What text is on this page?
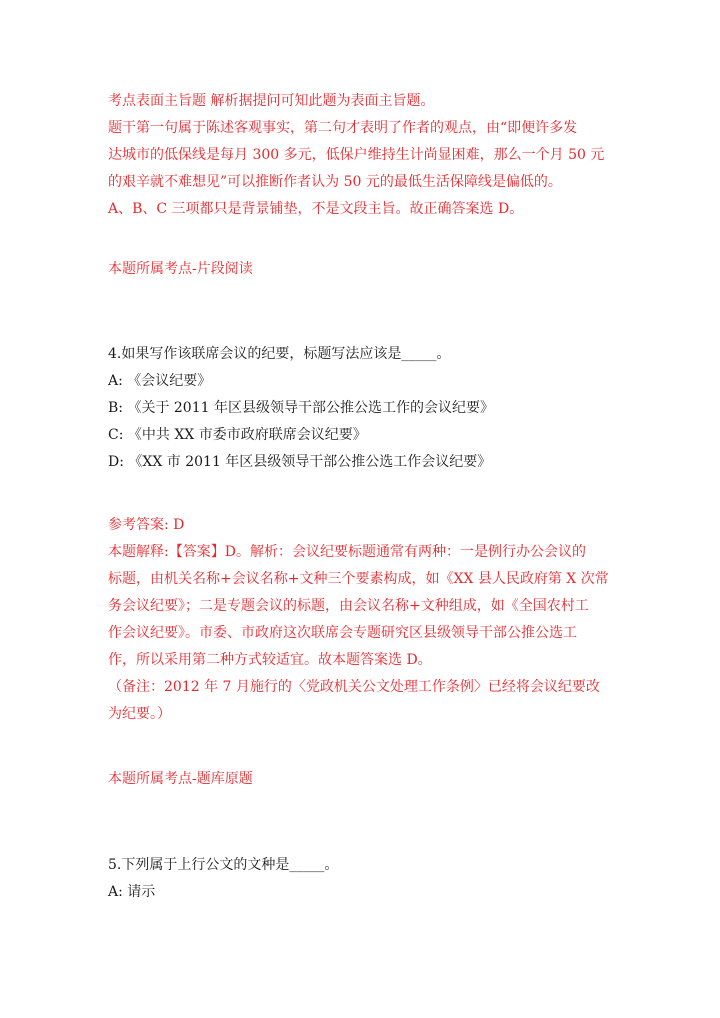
考点表面主旨题 解析据提问可知此题为表面主旨题。
题干第一句属于陈述客观事实，第二句才表明了作者的观点，由“即便许多发
达城市的低保线是每月 300 多元，低保户维持生计尚显困难，那么一个月 50 元
的艰辛就不难想见”可以推断作者认为 50 元的最低生活保障线是偏低的。
A、B、C 三项都只是背景铺垫，不是文段主旨。故正确答案选 D。
本题所属考点-片段阅读
4.如果写作该联席会议的纪要，标题写法应该是_____。
A: 《会议纪要》
B: 《关于 2011 年区县级领导干部公推公选工作的会议纪要》
C: 《中共 XX 市委市政府联席会议纪要》
D: 《XX 市 2011 年区县级领导干部公推公选工作会议纪要》
参考答案: D
本题解释:【答案】D。解析：会议纪要标题通常有两种：一是例行办公会议的
标题，由机关名称+会议名称+文种三个要素构成，如《XX 县人民政府第 X 次常
务会议纪要》；二是专题会议的标题，由会议名称+文种组成，如《全国农村工
作会议纪要》。市委、市政府这次联席会专题研究区县级领导干部公推公选工
作，所以采用第二种方式较适宜。故本题答案选 D。
（备注：2012 年 7 月施行的〈党政机关公文处理工作条例〉已经将会议纪要改
为纪要。）
本题所属考点-题库原题
5.下列属于上行公文的文种是_____。
A: 请示
